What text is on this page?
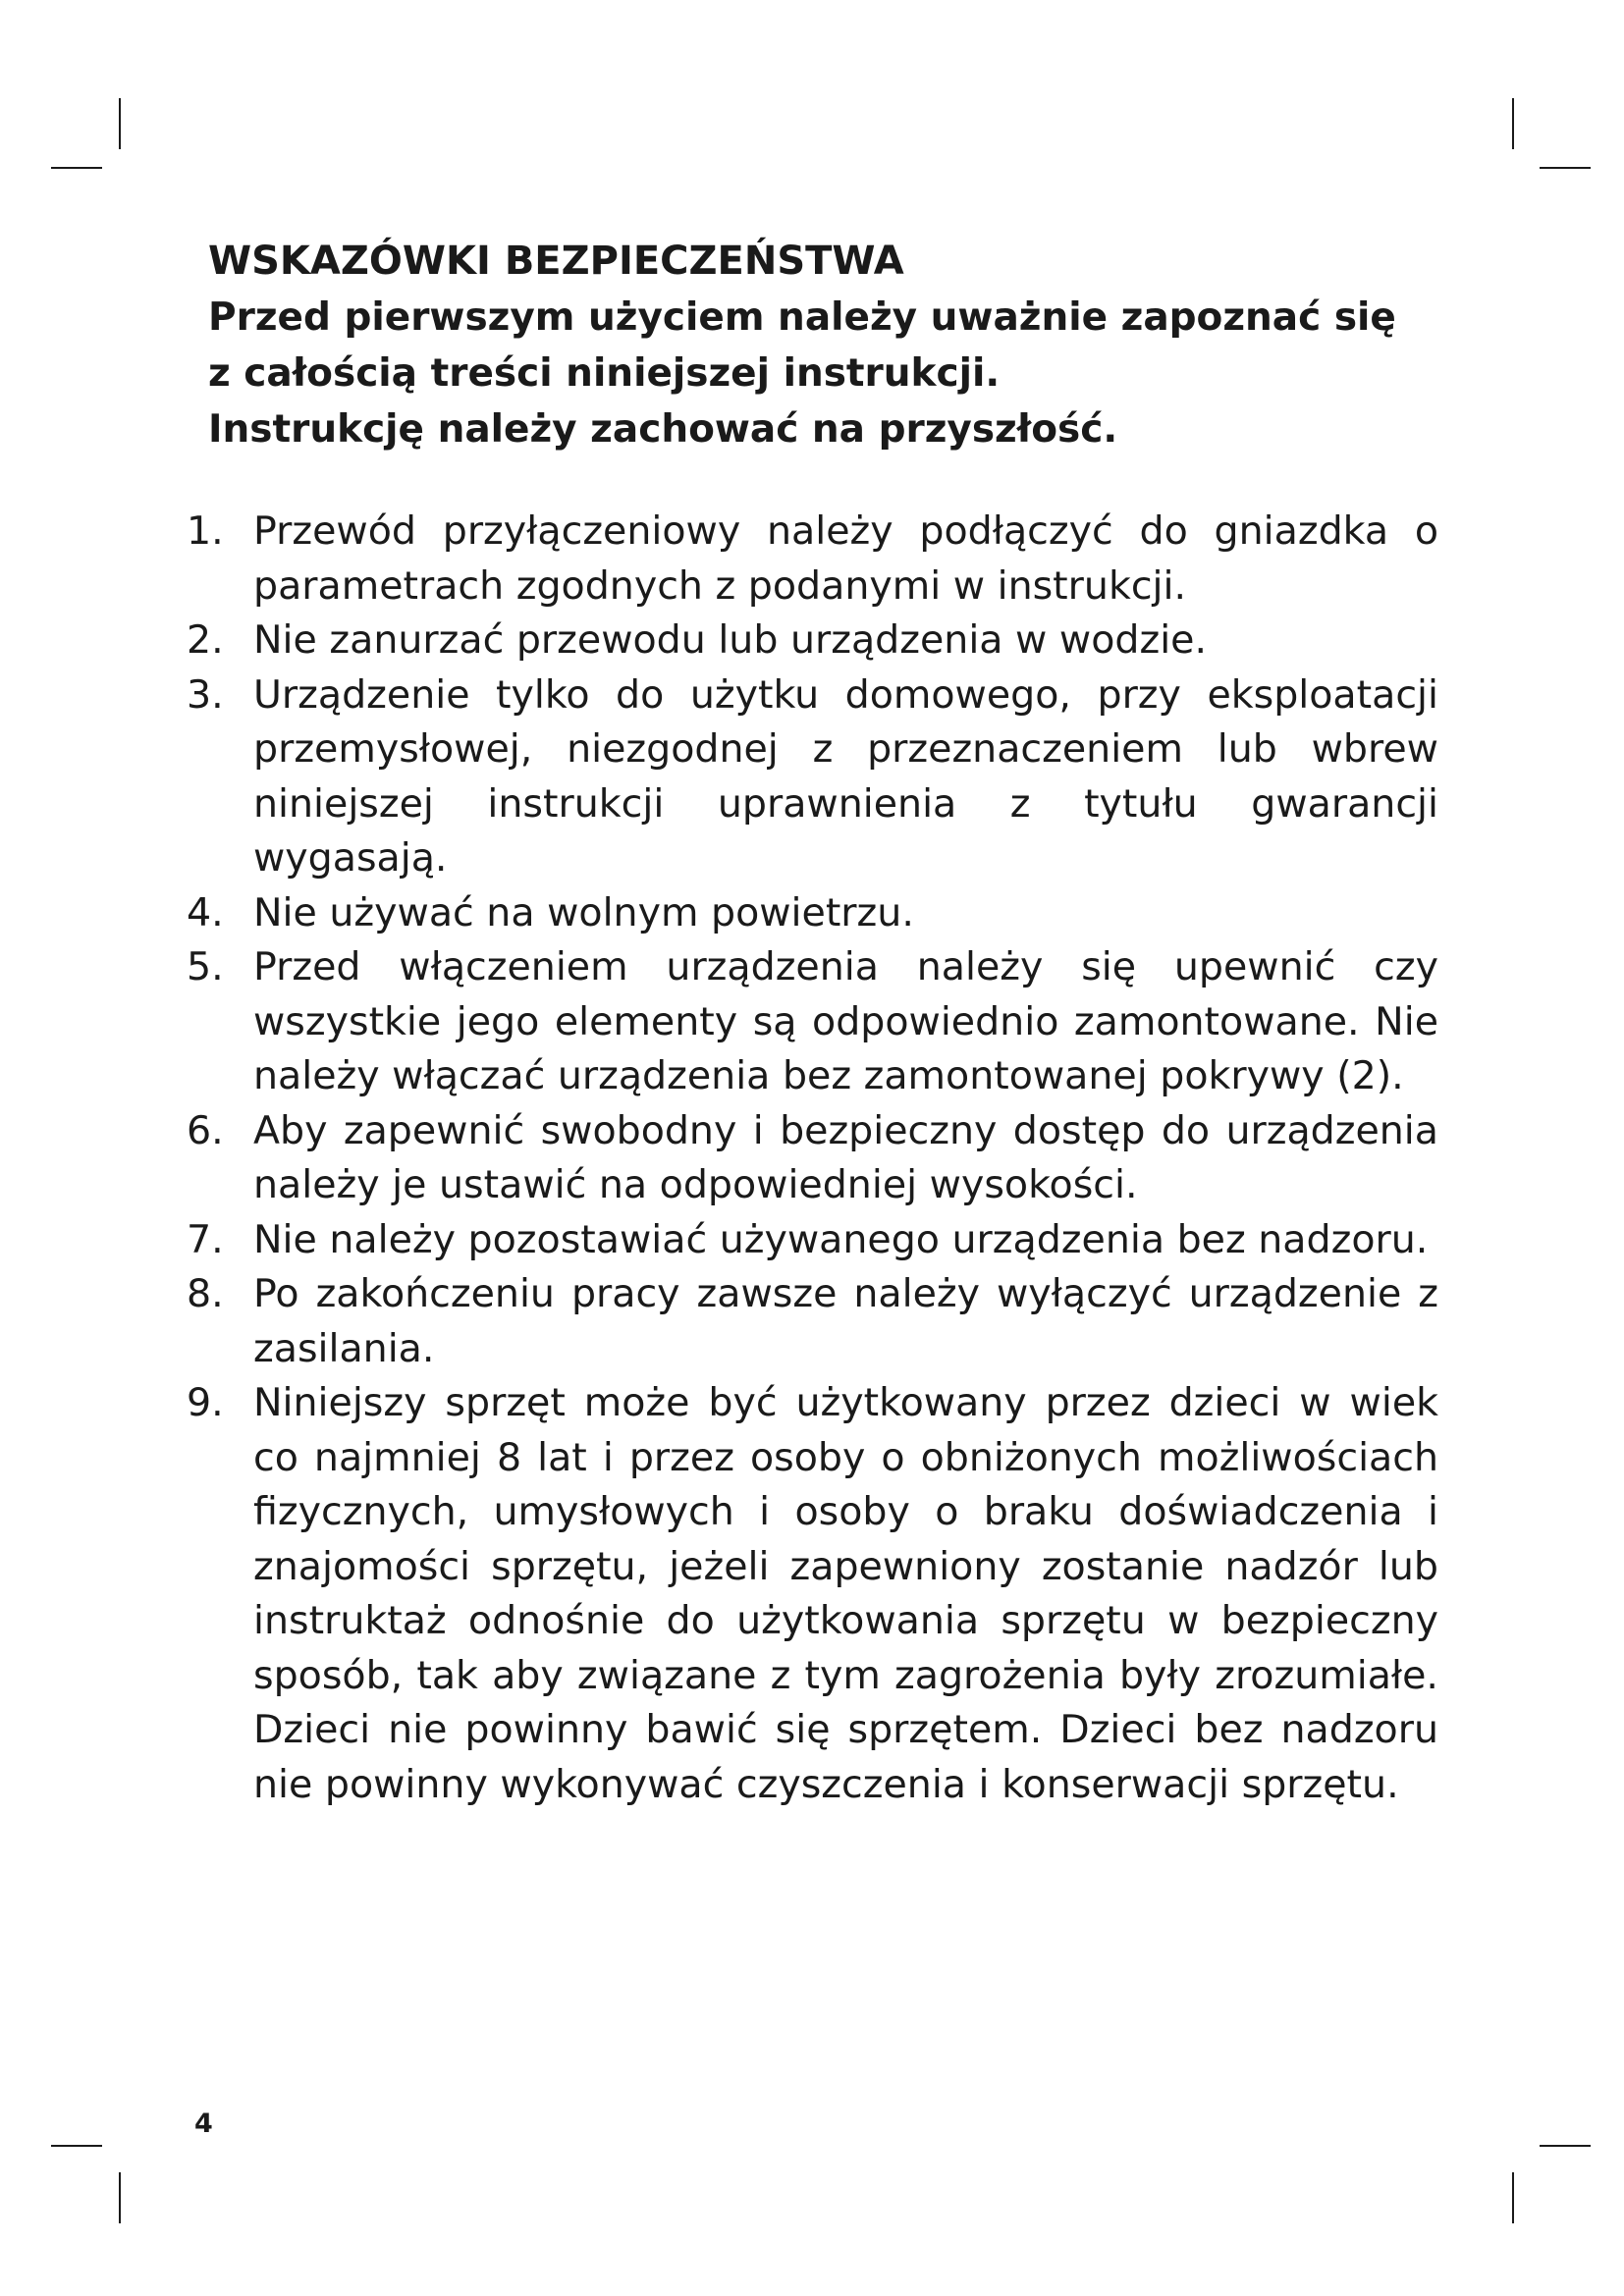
WSKAZÓWKI BEZPIECZEŃSTWA
Przed pierwszym użyciem należy uważnie zapoznać się
z całością treści niniejszej instrukcji.
Instrukcję należy zachować na przyszłość.
1. Przewód przyłączeniowy należy podłączyć do gniazdka o parametrach zgodnych z podanymi w instrukcji.
2. Nie zanurzać przewodu lub urządzenia w wodzie.
3. Urządzenie tylko do użytku domowego, przy eksploatacji przemysłowej, niezgodnej z przeznaczeniem lub wbrew niniejszej instrukcji uprawnienia z tytułu gwarancji wygasają.
4. Nie używać na wolnym powietrzu.
5. Przed włączeniem urządzenia należy się upewnić czy wszystkie jego elementy są odpowiednio zamontowane. Nie należy włączać urządzenia bez zamontowanej pokrywy (2).
6. Aby zapewnić swobodny i bezpieczny dostęp do urządzenia należy je ustawić na odpowiedniej wysokości.
7. Nie należy pozostawiać używanego urządzenia bez nadzoru.
8. Po zakończeniu pracy zawsze należy wyłączyć urządzenie z zasilania.
9. Niniejszy sprzęt może być użytkowany przez dzieci w wiek co najmniej 8 lat i przez osoby o obniżonych możliwościach fizycznych, umysłowych i osoby o braku doświadczenia i znajomości sprzętu, jeżeli zapewniony zostanie nadzór lub instruktaż odnośnie do użytkowania sprzętu w bezpieczny sposób, tak aby związane z tym zagrożenia były zrozumiałe. Dzieci nie powinny bawić się sprzętem. Dzieci bez nadzoru nie powinny wykonywać czyszczenia i konserwacji sprzętu.
4
